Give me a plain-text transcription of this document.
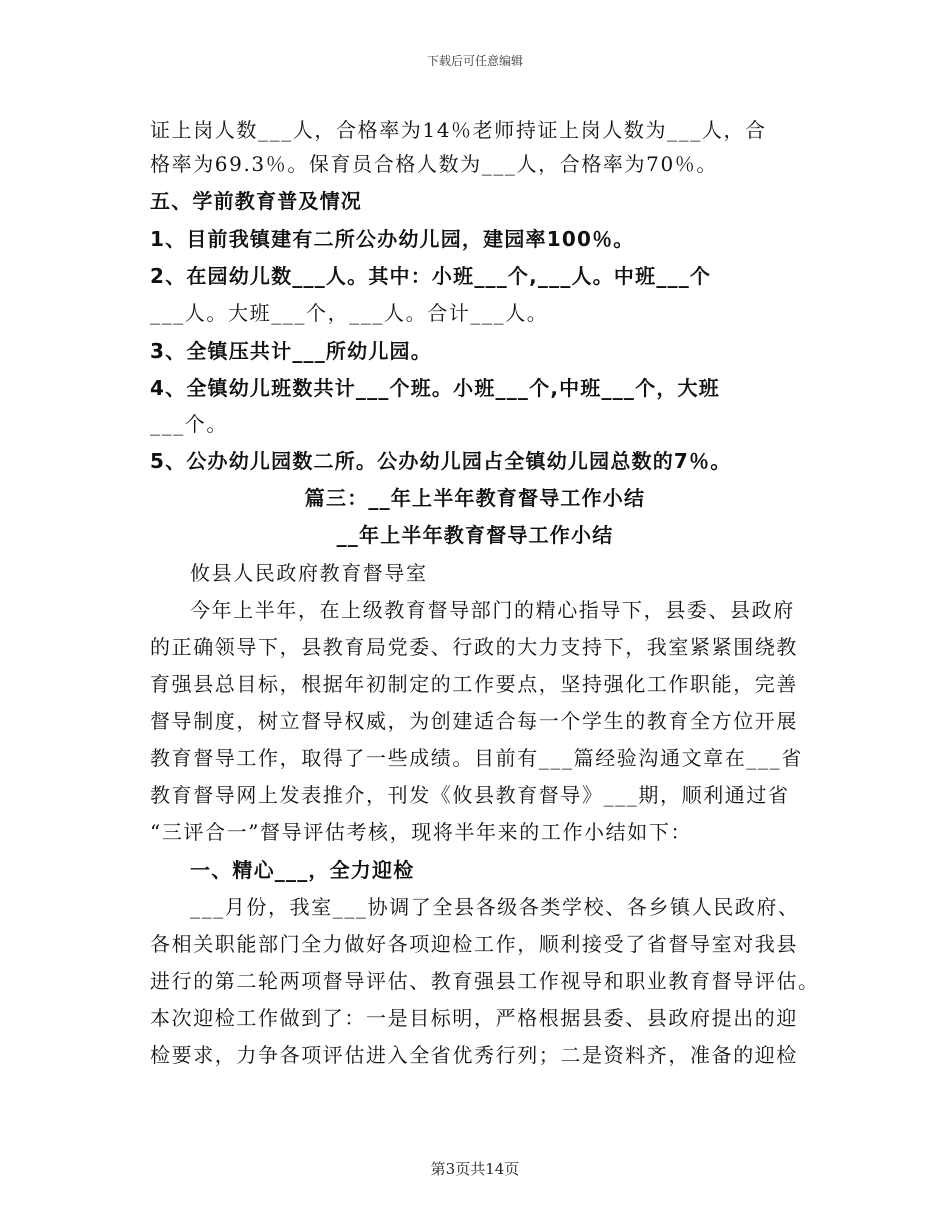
下载后可任意编辑
证上岗人数___人，合格率为14％老师持证上岗人数为___人，合
格率为69.3％。保育员合格人数为___人，合格率为70％。
五、学前教育普及情况
1、目前我镇建有二所公办幼儿园，建园率100％。
2、在园幼儿数___人。其中：小班___个,___人。中班___个
___人。大班___个，___人。合计___人。
3、全镇压共计___所幼儿园。
4、全镇幼儿班数共计___个班。小班___个,中班___个，大班
___个。
5、公办幼儿园数二所。公办幼儿园占全镇幼儿园总数的7％。
篇三：__年上半年教育督导工作小结
__年上半年教育督导工作小结
攸县人民政府教育督导室
今年上半年，在上级教育督导部门的精心指导下，县委、县政府
的正确领导下，县教育局党委、行政的大力支持下，我室紧紧围绕教
育强县总目标，根据年初制定的工作要点，坚持强化工作职能，完善
督导制度，树立督导权威，为创建适合每一个学生的教育全方位开展
教育督导工作，取得了一些成绩。目前有___篇经验沟通文章在___省
教育督导网上发表推介，刊发《攸县教育督导》___期，顺利通过省
“三评合一”督导评估考核，现将半年来的工作小结如下：
一、精心___，全力迎检
___月份，我室___协调了全县各级各类学校、各乡镇人民政府、
各相关职能部门全力做好各项迎检工作，顺利接受了省督导室对我县
进行的第二轮两项督导评估、教育强县工作视导和职业教育督导评估。
本次迎检工作做到了：一是目标明，严格根据县委、县政府提出的迎
检要求，力争各项评估进入全省优秀行列；二是资料齐，准备的迎检
第3页共14页
